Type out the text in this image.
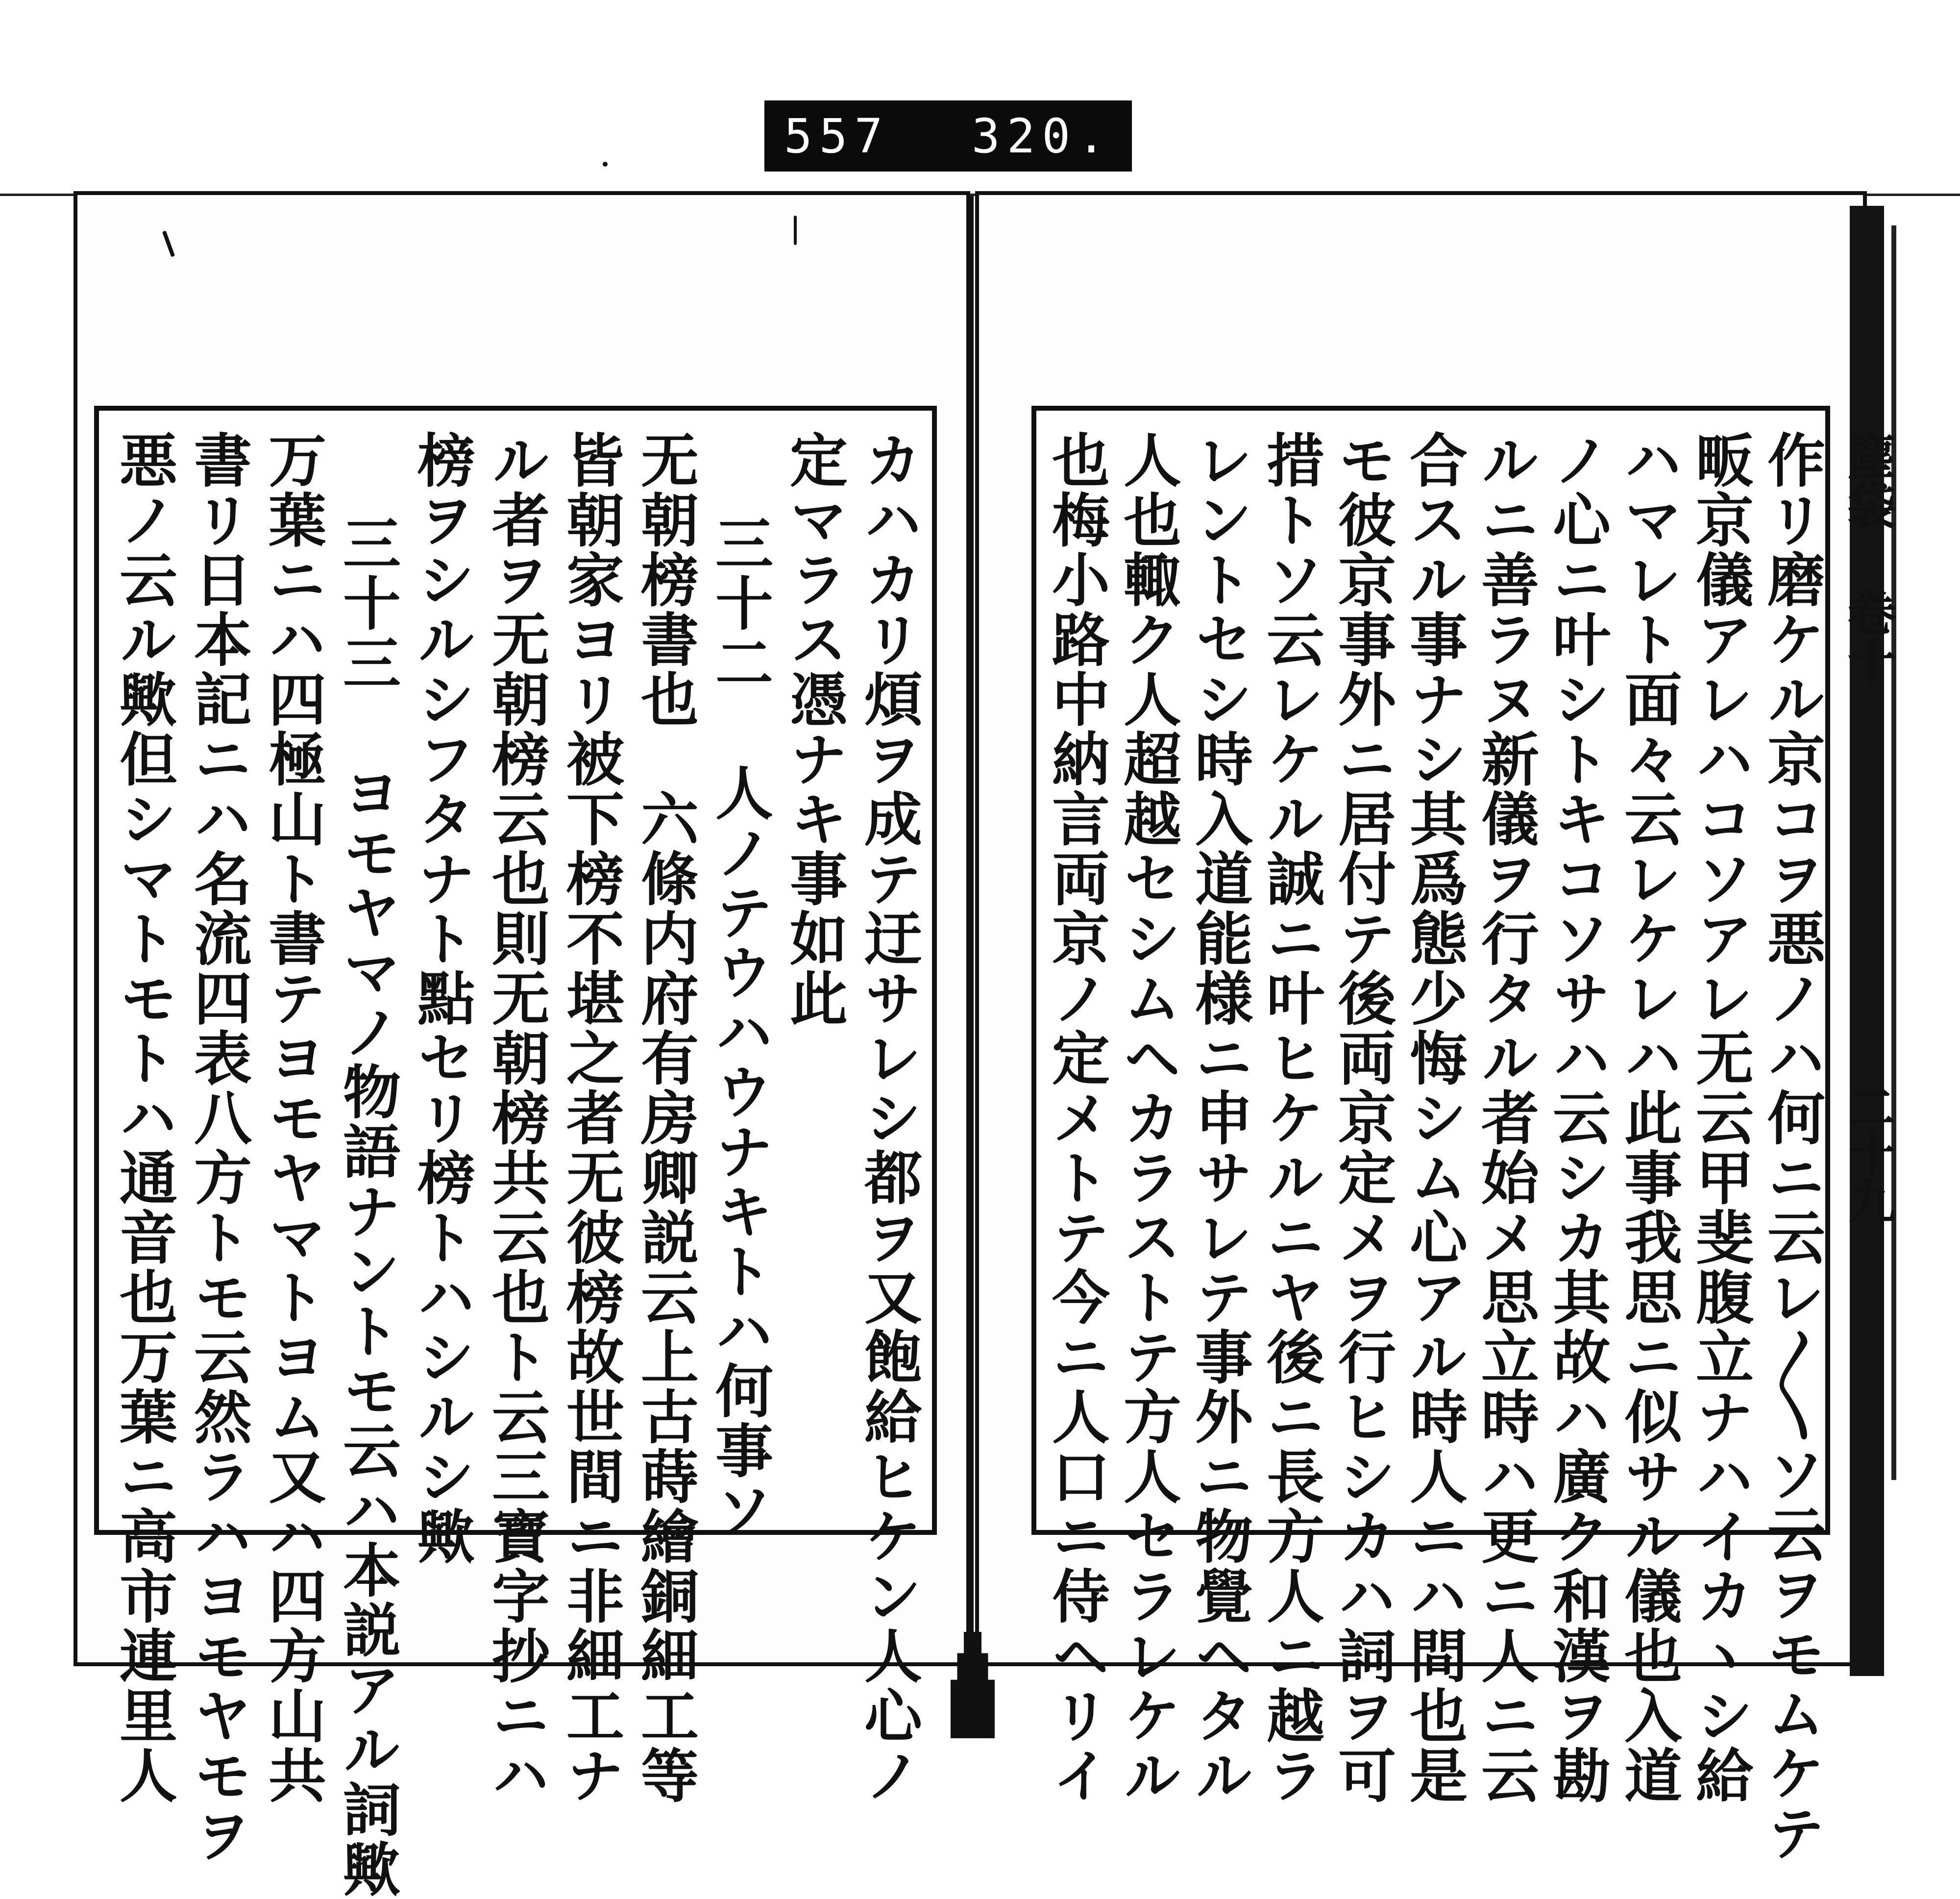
557 320.
作リ磨ケル京コヲ悪ノハ何ニ云レ〳〵ソ云ヲモムケテ
畈京儀アレハコソアレ无云甲斐腹立ナハイカヽシ給
ハマレト面々云レケレハ此事我思ニ似サル儀也入道
ノ心ニ叶シトキコソサハ云シカ其故ハ廣ク和漢ヲ勘
ルニ善ラヌ新儀ヲ行タル者始メ思立時ハ更ニ人ニ云
合スル事ナシ其爲態少悔シム心アル時人ニハ問也是
モ彼京事外ニ居付テ後両京定メヲ行ヒシカハ詞ヲ可
措トソ云レケル誠ニ叶ヒケルニヤ後ニ長方人ニ越ラ
レントセシ時入道能様ニ申サレテ事外ニ物覺ヘタル
人也輙ク人超越セシムヘカラストテ方人セラレケル
也梅小路中納言両京ノ定メトテ今ニ人口ニ侍ヘリイ
カハカリ煩ヲ成テ迂サレシ都ヲ又飽給ヒケン人心ノ
定マラス憑ナキ事如此
三十二 人ノテウハウナキトハ何事ソ
无朝榜書也　六條内府有房卿説云上古蒔繪銅細工等
皆朝家ヨリ被下榜不堪之者无彼榜故世間ニ非細工ナ
ル者ヲ无朝榜云也則无朝榜共云也ト云三寶字抄ニハ
榜ヲシルシフタナト點セリ榜トハシルシ歟
三十三 ヨモヤマノ物語ナントモ云ハ本説アル詞歟
万葉ニハ四極山ト書テヨモヤマトヨム又ハ四方山共
書リ日本記ニハ名流四表八方トモ云然ラハヨモヤモヲ
悪ノ云ル歟但シマトモトハ通音也万葉ニ高市連里人	塵袋 卷十
二十九
